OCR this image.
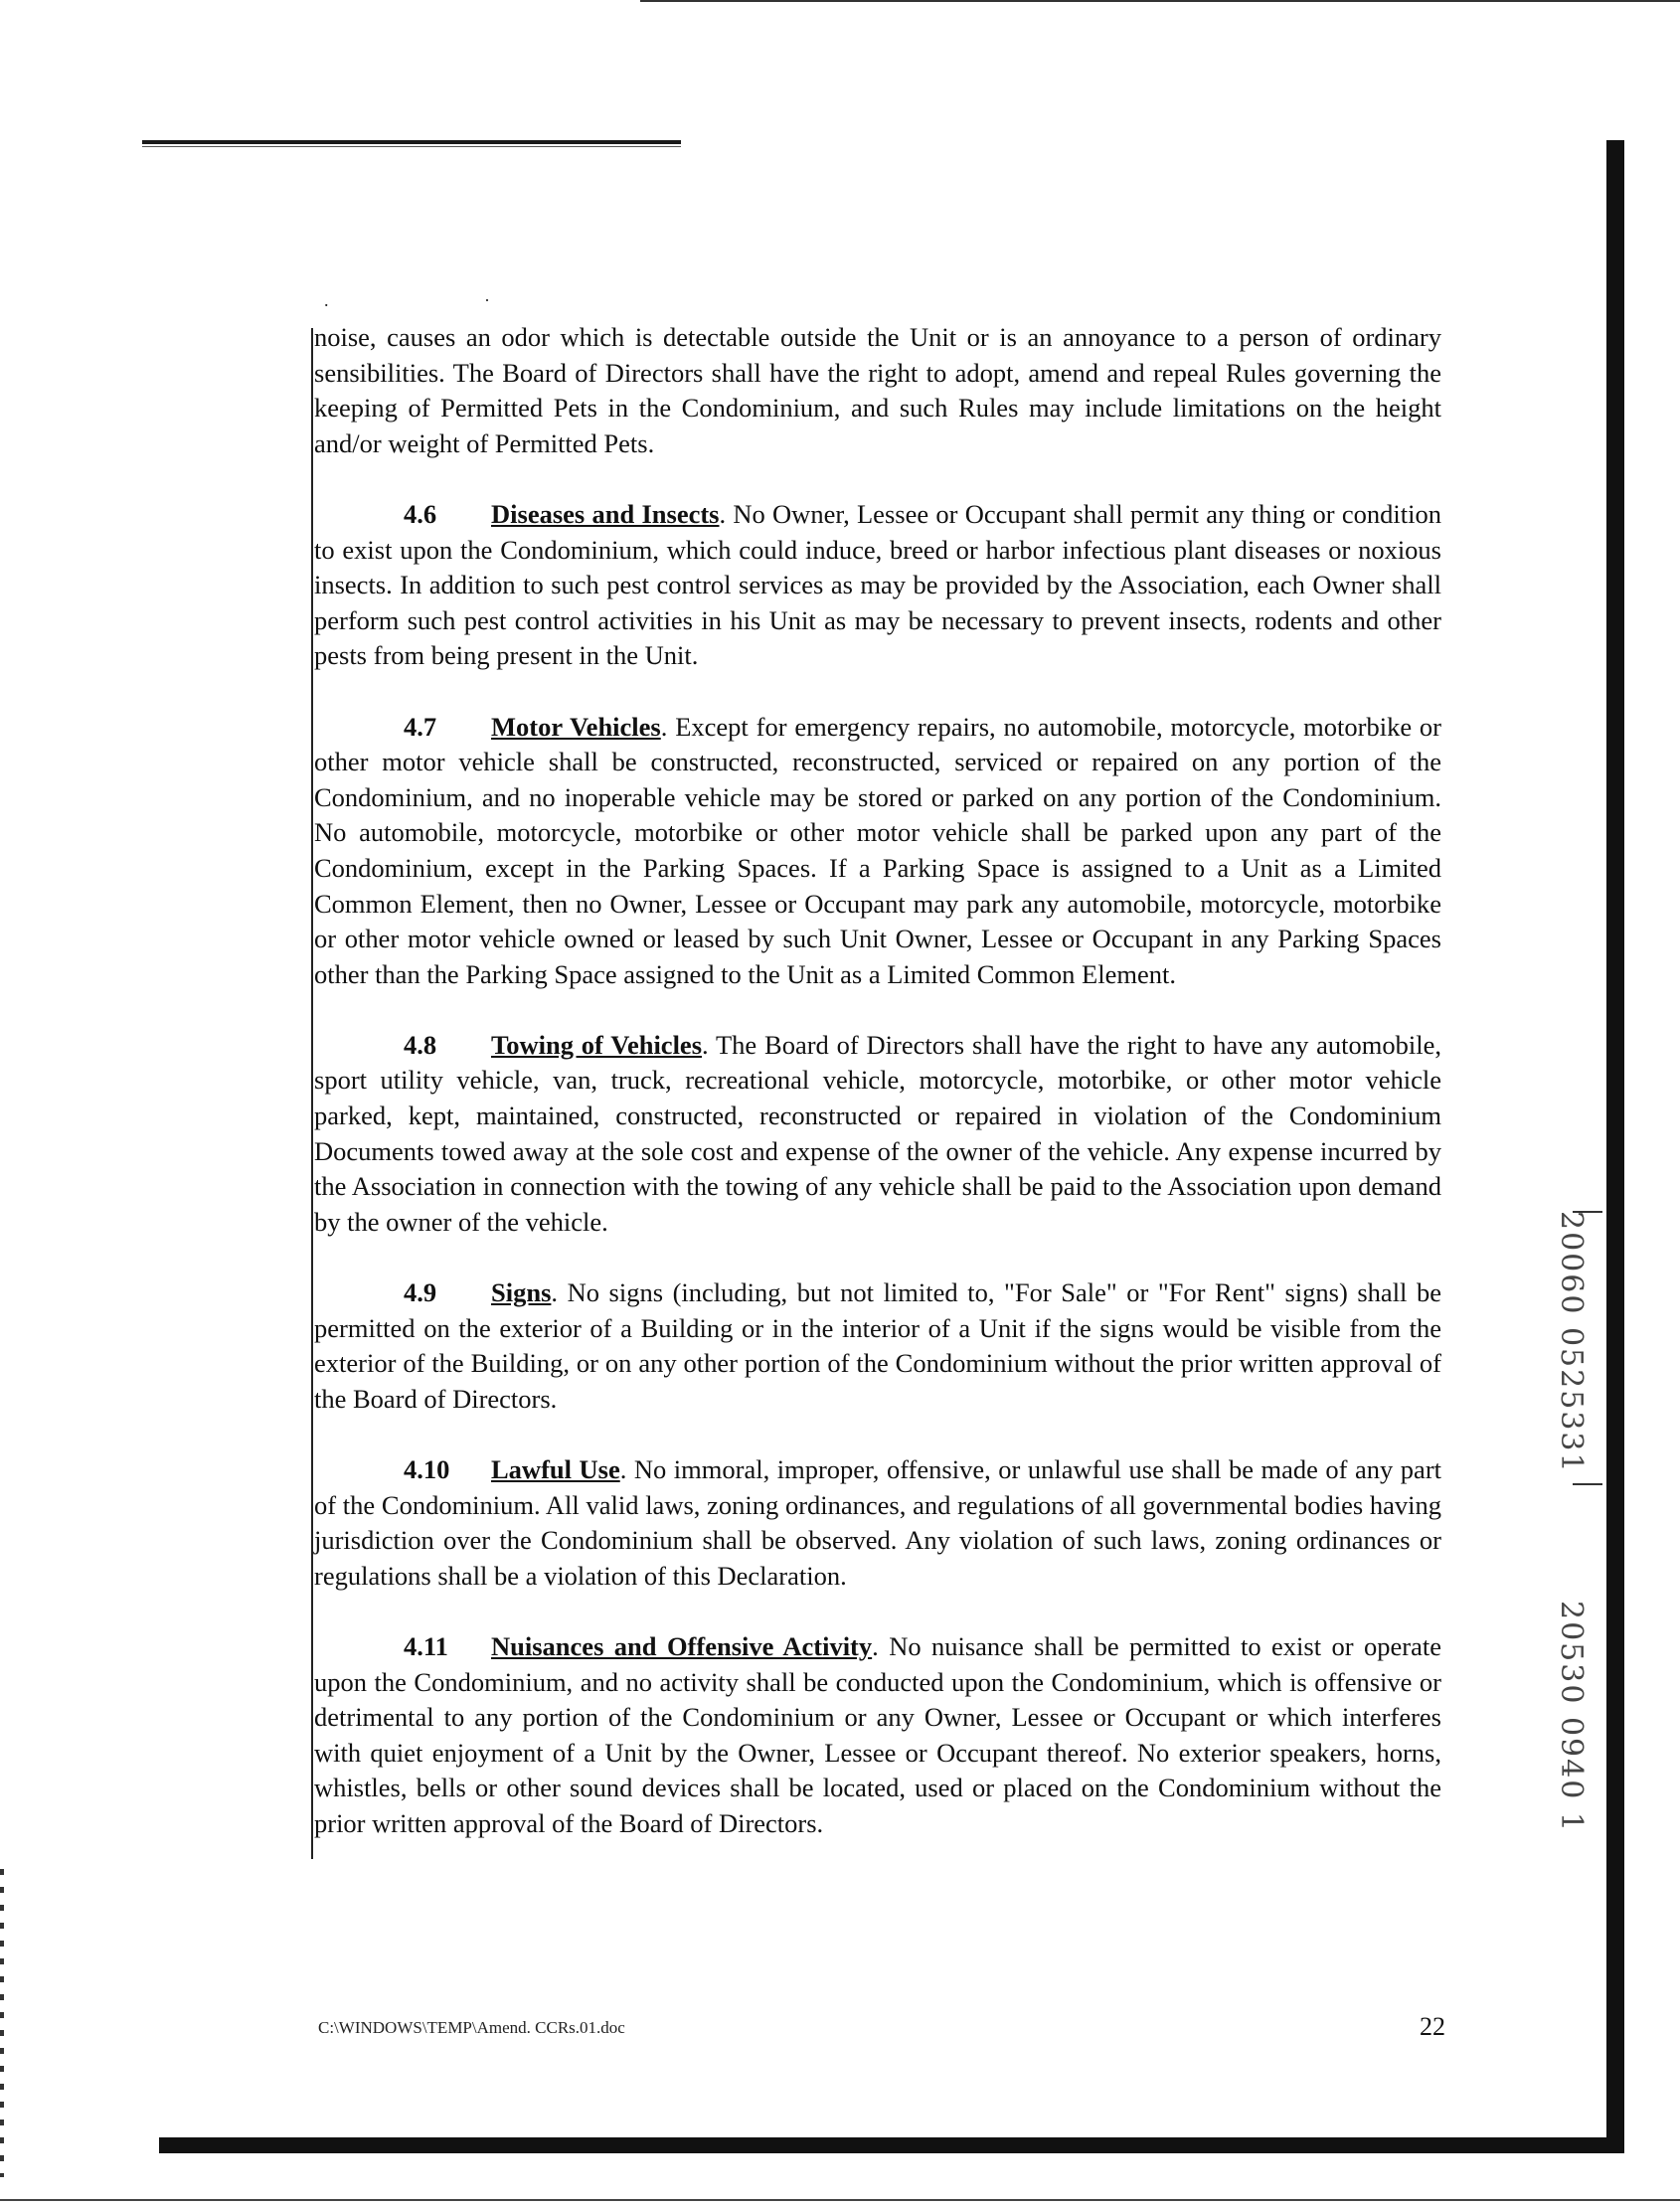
. ·

noise, causes an odor which is detectable outside the Unit or is an annoyance to a person of ordinary sensibilities. The Board of Directors shall have the right to adopt, amend and repeal Rules governing the keeping of Permitted Pets in the Condominium, and such Rules may include limitations on the height and/or weight of Permitted Pets.

4.6 Diseases and Insects. No Owner, Lessee or Occupant shall permit any thing or condition to exist upon the Condominium, which could induce, breed or harbor infectious plant diseases or noxious insects. In addition to such pest control services as may be provided by the Association, each Owner shall perform such pest control activities in his Unit as may be necessary to prevent insects, rodents and other pests from being present in the Unit.

4.7 Motor Vehicles. Except for emergency repairs, no automobile, motorcycle, motorbike or other motor vehicle shall be constructed, reconstructed, serviced or repaired on any portion of the Condominium, and no inoperable vehicle may be stored or parked on any portion of the Condominium. No automobile, motorcycle, motorbike or other motor vehicle shall be parked upon any part of the Condominium, except in the Parking Spaces. If a Parking Space is assigned to a Unit as a Limited Common Element, then no Owner, Lessee or Occupant may park any automobile, motorcycle, motorbike or other motor vehicle owned or leased by such Unit Owner, Lessee or Occupant in any Parking Spaces other than the Parking Space assigned to the Unit as a Limited Common Element.

4.8 Towing of Vehicles. The Board of Directors shall have the right to have any automobile, sport utility vehicle, van, truck, recreational vehicle, motorcycle, motorbike, or other motor vehicle parked, kept, maintained, constructed, reconstructed or repaired in violation of the Condominium Documents towed away at the sole cost and expense of the owner of the vehicle. Any expense incurred by the Association in connection with the towing of any vehicle shall be paid to the Association upon demand by the owner of the vehicle.

4.9 Signs. No signs (including, but not limited to, "For Sale" or "For Rent" signs) shall be permitted on the exterior of a Building or in the interior of a Unit if the signs would be visible from the exterior of the Building, or on any other portion of the Condominium without the prior written approval of the Board of Directors.

4.10 Lawful Use. No immoral, improper, offensive, or unlawful use shall be made of any part of the Condominium. All valid laws, zoning ordinances, and regulations of all governmental bodies having jurisdiction over the Condominium shall be observed. Any violation of such laws, zoning ordinances or regulations shall be a violation of this Declaration.

4.11 Nuisances and Offensive Activity. No nuisance shall be permitted to exist or operate upon the Condominium, and no activity shall be conducted upon the Condominium, which is offensive or detrimental to any portion of the Condominium or any Owner, Lessee or Occupant or which interferes with quiet enjoyment of a Unit by the Owner, Lessee or Occupant thereof. No exterior speakers, horns, whistles, bells or other sound devices shall be located, used or placed on the Condominium without the prior written approval of the Board of Directors.

20060 0525331
20530 0940 1
C:\WINDOWS\TEMP\Amend. CCRs.01.doc	22
